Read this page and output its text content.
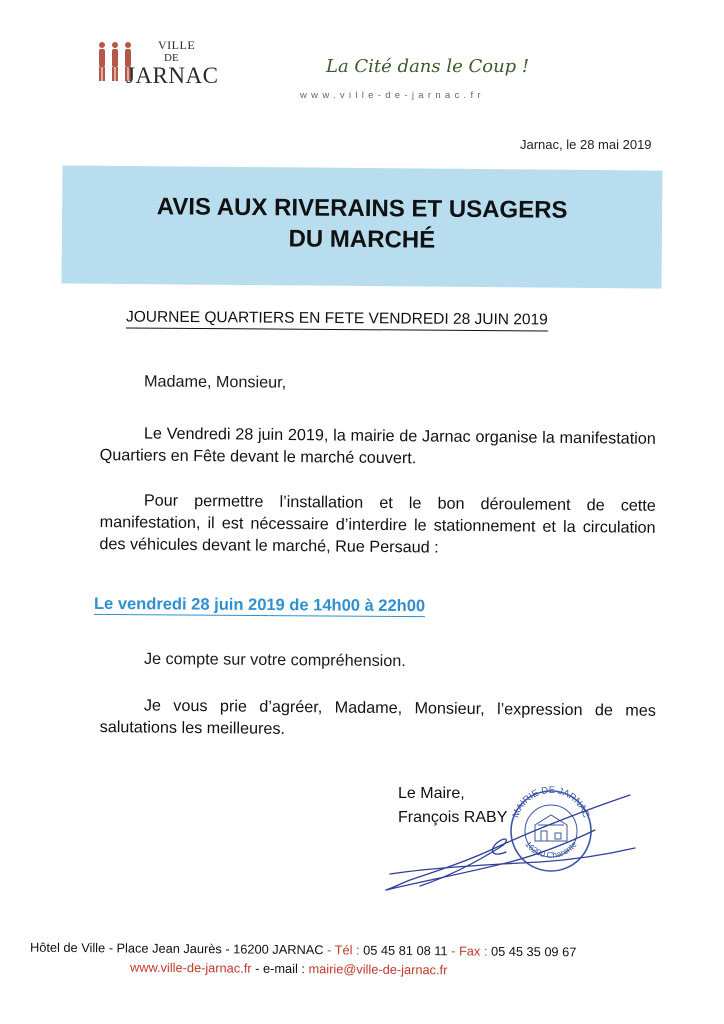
VILLE
DE
JARNAC	La Cité dans le Coup !
www.ville-de-jarnac.fr
Jarnac, le 28 mai 2019
AVIS AUX RIVERAINS ET USAGERS
DU MARCHÉ
JOURNEE QUARTIERS EN FETE VENDREDI 28 JUIN 2019
Madame, Monsieur,

Le Vendredi 28 juin 2019, la mairie de Jarnac organise la manifestation Quartiers en Fête devant le marché couvert.

Pour permettre l’installation et le bon déroulement de cette manifestation, il est nécessaire d’interdire le stationnement et la circulation des véhicules devant le marché, Rue Persaud :

Le vendredi 28 juin 2019 de 14h00 à 22h00
Je compte sur votre compréhension.

Je vous prie d’agréer, Madame, Monsieur, l’expression de mes salutations les meilleures.

Le Maire,
François RABY MAIRIE DE JARNAC
16200 Charente
Hôtel de Ville - Place Jean Jaurès - 16200 JARNAC - Tél : 05 45 81 08 11 - Fax : 05 45 35 09 67
www.ville-de-jarnac.fr - e-mail : mairie@ville-de-jarnac.fr
